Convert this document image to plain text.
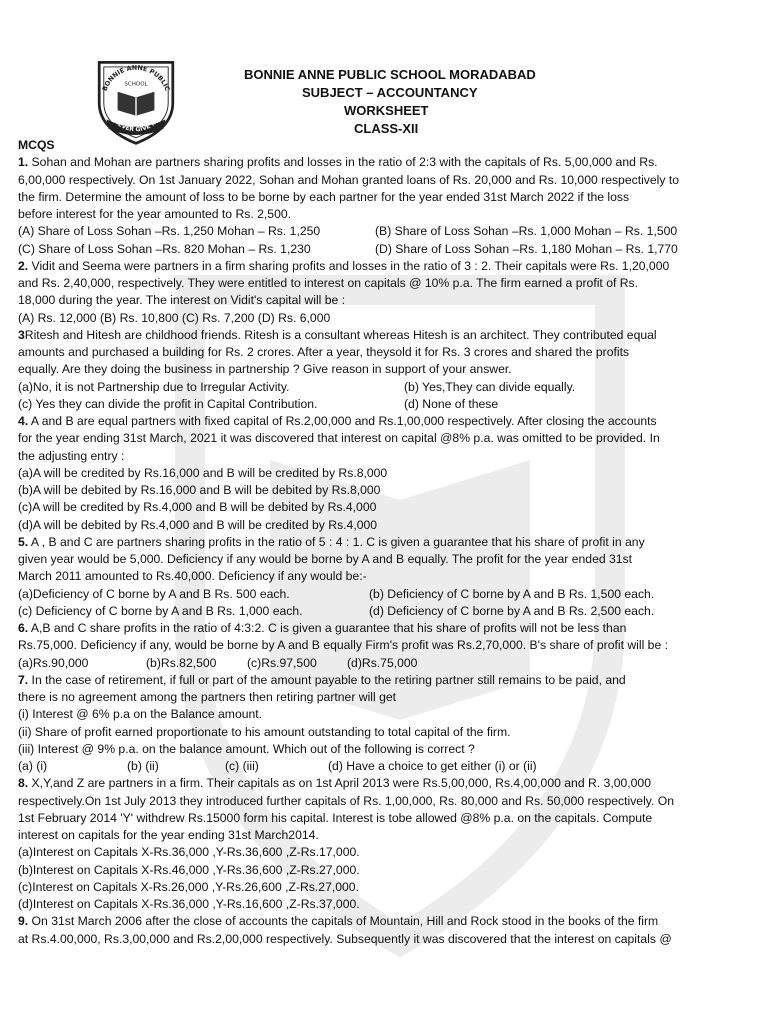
BONNIE ANNE PUBLIC
SCHOOL
NEVER GIVE IN
BONNIE ANNE PUBLIC SCHOOL MORADABAD
SUBJECT – ACCOUNTANCY
WORKSHEET
CLASS-XII
MCQS
1. Sohan and Mohan are partners sharing profits and losses in the ratio of 2:3 with the capitals of Rs. 5,00,000 and Rs.
6,00,000 respectively. On 1st January 2022, Sohan and Mohan granted loans of Rs. 20,000 and Rs. 10,000 respectively to
the firm. Determine the amount of loss to be borne by each partner for the year ended 31st March 2022 if the loss
before interest for the year amounted to Rs. 2,500.
(A) Share of Loss Sohan –Rs. 1,250 Mohan – Rs. 1,250	(B) Share of Loss Sohan –Rs. 1,000 Mohan – Rs. 1,500
(C) Share of Loss Sohan –Rs. 820 Mohan – Rs. 1,230	(D) Share of Loss Sohan –Rs. 1,180 Mohan – Rs. 1,770
2. Vidit and Seema were partners in a firm sharing profits and losses in the ratio of 3 : 2. Their capitals were Rs. 1,20,000
and Rs. 2,40,000, respectively. They were entitled to interest on capitals @ 10% p.a. The firm earned a profit of Rs.
18,000 during the year. The interest on Vidit's capital will be :
(A) Rs. 12,000 (B) Rs. 10,800 (C) Rs. 7,200 (D) Rs. 6,000
3Ritesh and Hitesh are childhood friends. Ritesh is a consultant whereas Hitesh is an architect. They contributed equal
amounts and purchased a building for Rs. 2 crores. After a year, theysold it for Rs. 3 crores and shared the profits
equally. Are they doing the business in partnership ? Give reason in support of your answer.
(a)No, it is not Partnership due to Irregular Activity.	(b) Yes,They can divide equally.
(c) Yes they can divide the profit in Capital Contribution.	(d) None of these
4. A and B are equal partners with fixed capital of Rs.2,00,000 and Rs.1,00,000 respectively. After closing the accounts
for the year ending 31st March, 2021 it was discovered that interest on capital @8% p.a. was omitted to be provided. In
the adjusting entry :
(a)A will be credited by Rs.16,000 and B will be credited by Rs.8,000
(b)A will be debited by Rs.16,000 and B will be debited by Rs.8,000
(c)A will be credited by Rs.4,000 and B will be debited by Rs.4,000
(d)A will be debited by Rs.4,000 and B will be credited by Rs.4,000
5. A , B and C are partners sharing profits in the ratio of 5 : 4 : 1. C is given a guarantee that his share of profit in any
given year would be 5,000. Deficiency if any would be borne by A and B equally. The profit for the year ended 31st
March 2011 amounted to Rs.40,000. Deficiency if any would be:-
(a)Deficiency of C borne by A and B Rs. 500 each.	(b) Deficiency of C borne by A and B Rs. 1,500 each.
(c) Deficiency of C borne by A and B Rs. 1,000 each.	(d) Deficiency of C borne by A and B Rs. 2,500 each.
6. A,B and C share profits in the ratio of 4:3:2. C is given a guarantee that his share of profits will not be less than
Rs.75,000. Deficiency if any, would be borne by A and B equally Firm's profit was Rs.2,70,000. B's share of profit will be :
(a)Rs.90,000	(b)Rs.82,500	(c)Rs.97,500 (d)Rs.75,000
7. In the case of retirement, if full or part of the amount payable to the retiring partner still remains to be paid, and
there is no agreement among the partners then retiring partner will get
(i) Interest @ 6% p.a on the Balance amount.
(ii) Share of profit earned proportionate to his amount outstanding to total capital of the firm.
(iii) Interest @ 9% p.a. on the balance amount. Which out of the following is correct ?
(a) (i)	(b) (ii)	(c) (iii)	(d) Have a choice to get either (i) or (ii)
8. X,Y,and Z are partners in a firm. Their capitals as on 1st April 2013 were Rs.5,00,000, Rs.4,00,000 and R. 3,00,000
respectively.On 1st July 2013 they introduced further capitals of Rs. 1,00,000, Rs. 80,000 and Rs. 50,000 respectively. On
1st February 2014 'Y' withdrew Rs.15000 form his capital. Interest is tobe allowed @8% p.a. on the capitals. Compute
interest on capitals for the year ending 31st March2014.
(a)Interest on Capitals X-Rs.36,000 ,Y-Rs.36,600 ,Z-Rs.17,000.
(b)Interest on Capitals X-Rs.46,000 ,Y-Rs.36,600 ,Z-Rs.27,000.
(c)Interest on Capitals X-Rs.26,000 ,Y-Rs.26,600 ,Z-Rs.27,000.
(d)Interest on Capitals X-Rs.36,000 ,Y-Rs.16,600 ,Z-Rs.37,000.
9. On 31st March 2006 after the close of accounts the capitals of Mountain, Hill and Rock stood in the books of the firm
at Rs.4.00,000, Rs.3,00,000 and Rs.2,00,000 respectively. Subsequently it was discovered that the interest on capitals @
